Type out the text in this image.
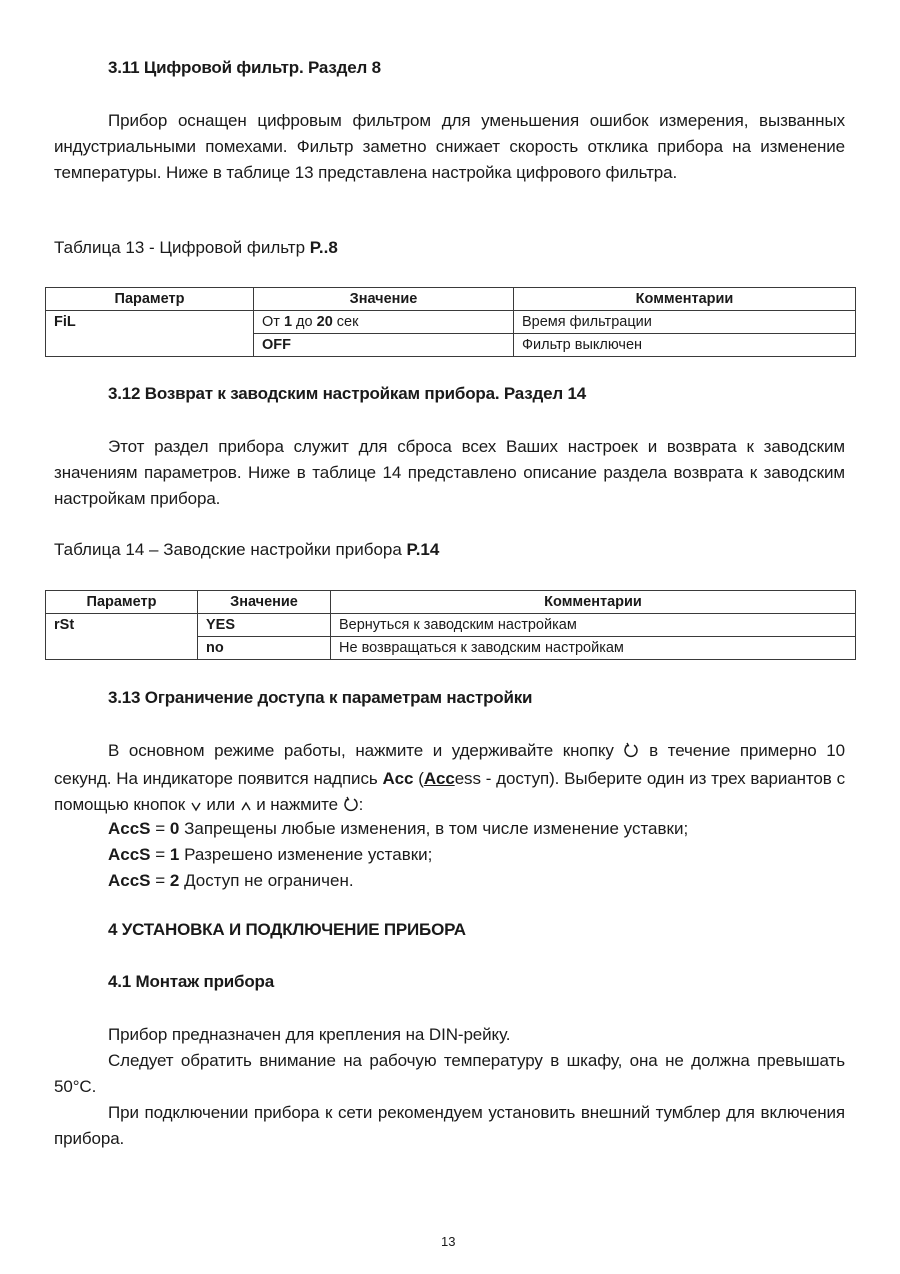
3.11 Цифровой фильтр. Раздел 8
Прибор оснащен цифровым фильтром для уменьшения ошибок измерения, вызванных индустриальными помехами. Фильтр заметно снижает скорость отклика прибора на изменение температуры. Ниже в таблице 13 представлена настройка цифрового фильтра.
Таблица 13 - Цифровой фильтр P..8
Параметр	Значение	Комментарии
FiL	От 1 до 20 сек	Время фильтрации
	OFF	Фильтр выключен
3.12 Возврат к заводским настройкам прибора. Раздел 14
Этот раздел прибора служит для сброса всех Ваших настроек и возврата к заводским значениям параметров. Ниже в таблице 14 представлено описание раздела возврата к заводским настройкам прибора.
Таблица 14 – Заводские настройки прибора P.14
Параметр	Значение	Комментарии
rSt	YES	Вернуться к заводским настройкам
	no	Не возвращаться к заводским настройкам
3.13 Ограничение доступа к параметрам настройки
В основном режиме работы, нажмите и удерживайте кнопку  в течение примерно 10 секунд. На индикаторе появится надпись Acc (Access - доступ). Выберите один из трех вариантов с помощью кнопок  или  и нажмите :
AccS = 0 Запрещены любые изменения, в том числе изменение уставки;
AccS = 1 Разрешено изменение уставки;
AccS = 2 Доступ не ограничен.
4 УСТАНОВКА И ПОДКЛЮЧЕНИЕ ПРИБОРА
4.1 Монтаж прибора
Прибор предназначен для крепления на DIN-рейку.
Следует обратить внимание на рабочую температуру в шкафу, она не должна превышать 50°С.
При подключении прибора к сети рекомендуем установить внешний тумблер для включения прибора.
13
